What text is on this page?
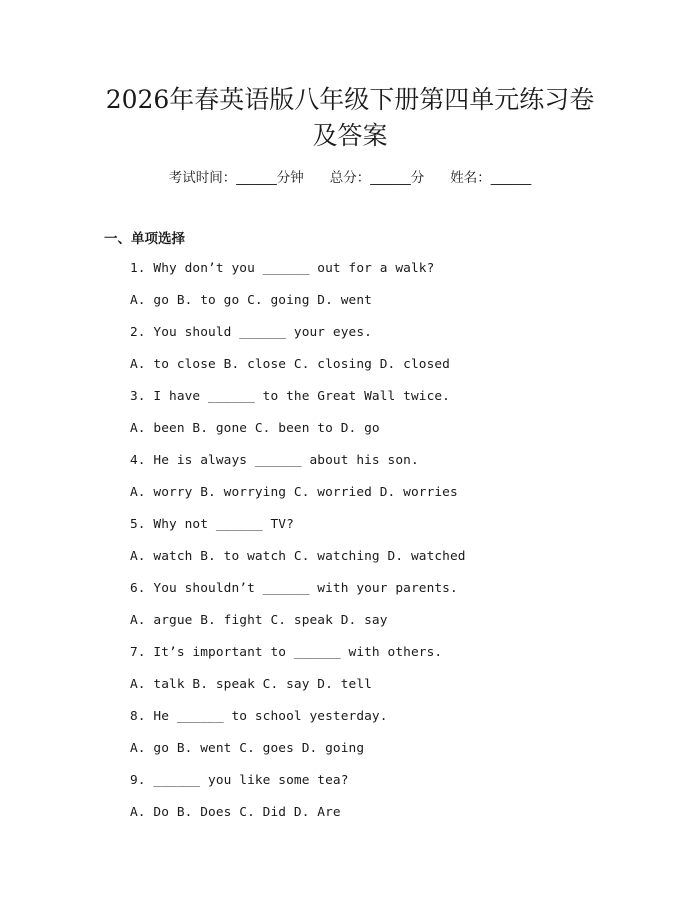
2026年春英语版八年级下册第四单元练习卷
及答案
考试时间：______分钟 总分：______分 姓名：______
一、单项选择
1. Why don’t you ______ out for a walk?
A. go B. to go C. going D. went
2. You should ______ your eyes.
A. to close B. close C. closing D. closed
3. I have ______ to the Great Wall twice.
A. been B. gone C. been to D. go
4. He is always ______ about his son.
A. worry B. worrying C. worried D. worries
5. Why not ______ TV?
A. watch B. to watch C. watching D. watched
6. You shouldn’t ______ with your parents.
A. argue B. fight C. speak D. say
7. It’s important to ______ with others.
A. talk B. speak C. say D. tell
8. He ______ to school yesterday.
A. go B. went C. goes D. going
9. ______ you like some tea?
A. Do B. Does C. Did D. Are
